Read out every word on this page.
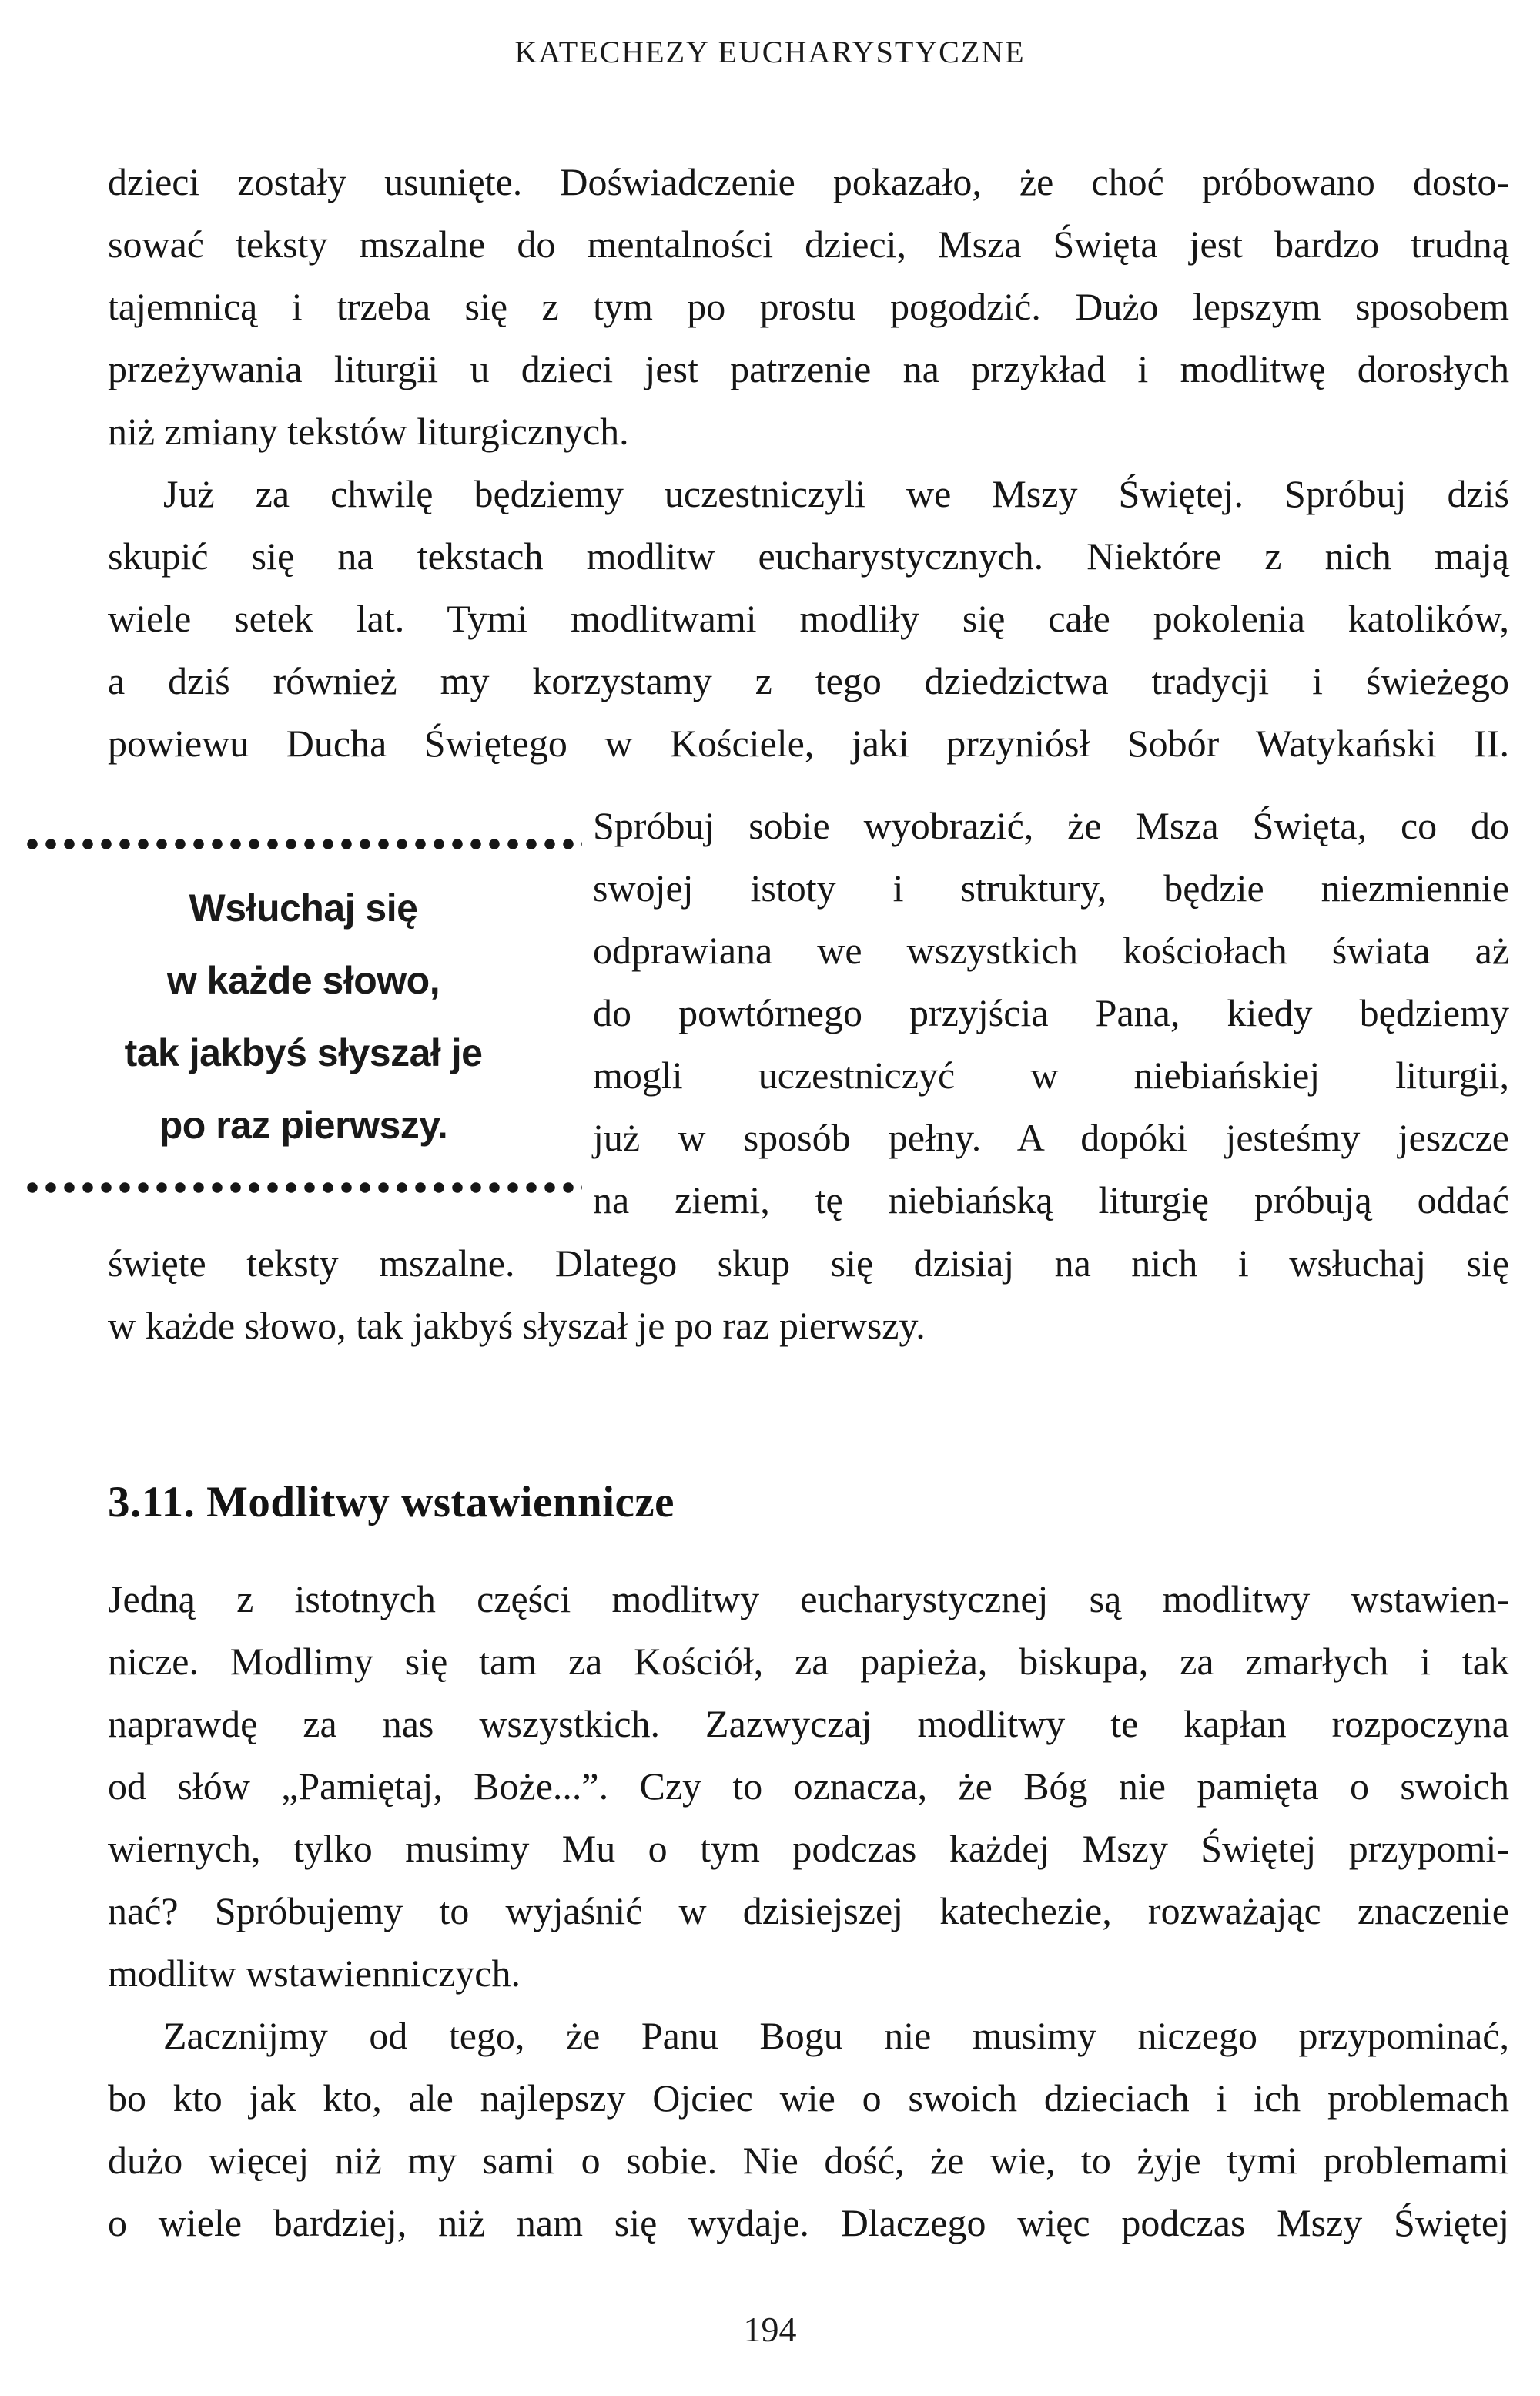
KATECHEZY EUCHARYSTYCZNE
dzieci zostały usunięte. Doświadczenie pokazało, że choć próbowano dosto-
sować teksty mszalne do mentalności dzieci, Msza Święta jest bardzo trudną
tajemnicą i trzeba się z tym po prostu pogodzić. Dużo lepszym sposobem
przeżywania liturgii u dzieci jest patrzenie na przykład i modlitwę dorosłych
niż zmiany tekstów liturgicznych.
Już za chwilę będziemy uczestniczyli we Mszy Świętej. Spróbuj dziś
skupić się na tekstach modlitw eucharystycznych. Niektóre z nich mają
wiele setek lat. Tymi modlitwami modliły się całe pokolenia katolików,
a dziś również my korzystamy z tego dziedzictwa tradycji i świeżego
powiewu Ducha Świętego w Kościele, jaki przyniósł Sobór Watykański II.
Wsłuchaj się
w każde słowo,
tak jakbyś słyszał je
po raz pierwszy.
Spróbuj sobie wyobrazić, że Msza Święta, co do
swojej istoty i struktury, będzie niezmiennie
odprawiana we wszystkich kościołach świata aż
do powtórnego przyjścia Pana, kiedy będziemy
mogli uczestniczyć w niebiańskiej liturgii,
już w sposób pełny. A dopóki jesteśmy jeszcze
na ziemi, tę niebiańską liturgię próbują oddać
święte teksty mszalne. Dlatego skup się dzisiaj na nich i wsłuchaj się
w każde słowo, tak jakbyś słyszał je po raz pierwszy.
3.11. Modlitwy wstawiennicze
Jedną z istotnych części modlitwy eucharystycznej są modlitwy wstawien-
nicze. Modlimy się tam za Kościół, za papieża, biskupa, za zmarłych i tak
naprawdę za nas wszystkich. Zazwyczaj modlitwy te kapłan rozpoczyna
od słów „Pamiętaj, Boże...”. Czy to oznacza, że Bóg nie pamięta o swoich
wiernych, tylko musimy Mu o tym podczas każdej Mszy Świętej przypomi-
nać? Spróbujemy to wyjaśnić w dzisiejszej katechezie, rozważając znaczenie
modlitw wstawienniczych.
Zacznijmy od tego, że Panu Bogu nie musimy niczego przypominać,
bo kto jak kto, ale najlepszy Ojciec wie o swoich dzieciach i ich problemach
dużo więcej niż my sami o sobie. Nie dość, że wie, to żyje tymi problemami
o wiele bardziej, niż nam się wydaje. Dlaczego więc podczas Mszy Świętej
194
